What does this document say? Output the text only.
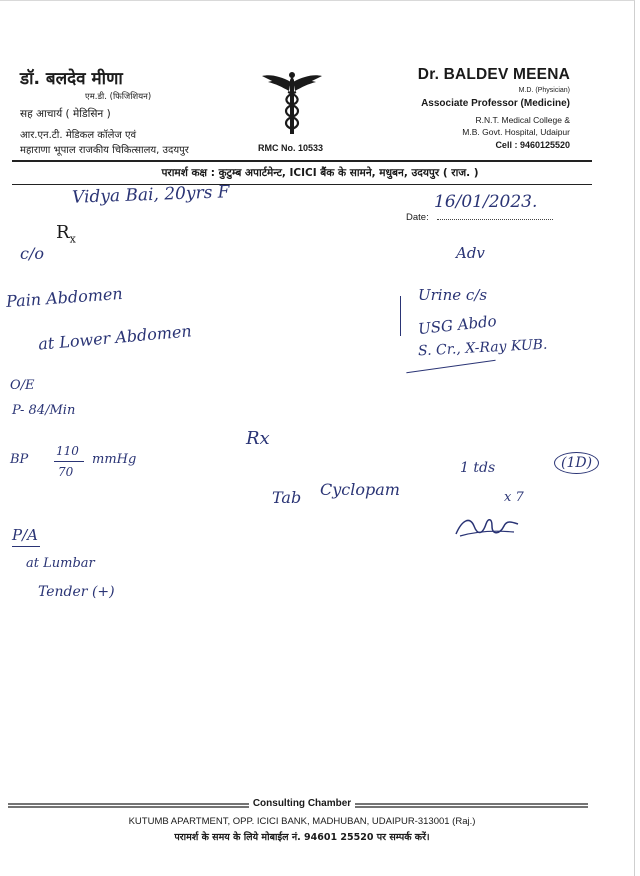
डॉ. बलदेव मीणा
एम.डी. (फिजिशियन)
सह आचार्य ( मेडिसिन )
आर.एन.टी. मेडिकल कॉलेज एवं
महाराणा भूपाल राजकीय चिकित्सालय, उदयपुर	RMC No. 10533
Dr. BALDEV MEENA
M.D. (Physician)
Associate Professor (Medicine)
R.N.T. Medical College &
M.B. Govt. Hospital, Udaipur
Cell : 9460125520
परामर्श कक्ष : कुटुम्ब अपार्टमेन्ट, ICICI बैंक के सामने, मधुबन, उदयपुर ( राज. )
$R_x$
Date:
Vidya Bai, 20yrs F	16/01/2023.
c/o
Pain Abdomen
at Lower Abdomen
O/E
P- 84/Min
BP
110
70
mmHg
P/A
at Lumbar
Tender (+)
Adv
Urine c/s
USG Abdo
S. Cr., X-Ray KUB.
Rx
Tab Cyclopam
1 tds	(1D)
x 7
Consulting Chamber
KUTUMB APARTMENT, OPP. ICICI BANK, MADHUBAN, UDAIPUR-313001 (Raj.)
परामर्श के समय के लिये मोबाईल नं. 94601 25520 पर सम्पर्क करें।
